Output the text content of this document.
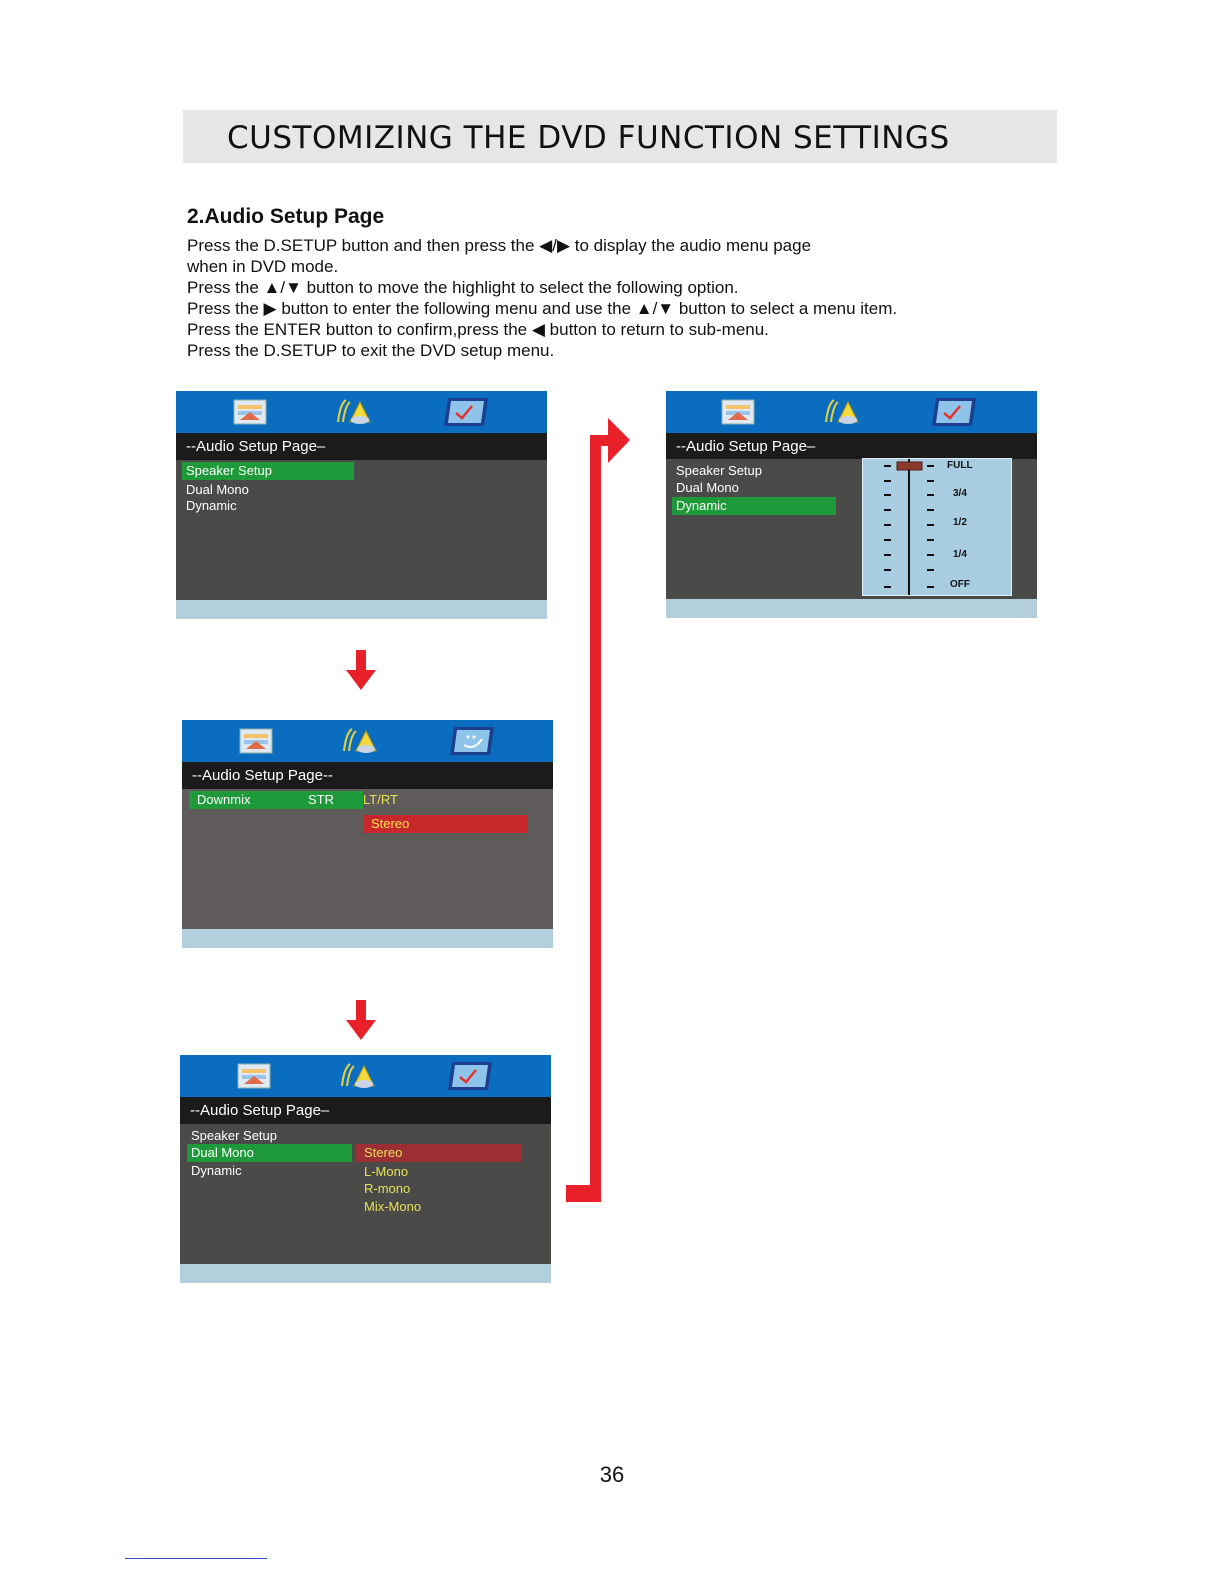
CUSTOMIZING THE DVD FUNCTION SETTINGS
2.Audio Setup Page

Press the D.SETUP button and then press the ◀/▶ to display the audio menu page

when in DVD mode.

Press the ▲/▼ button to move the highlight to select the following option.

Press the ▶ button to enter the following menu and use the ▲/▼ button to select a menu item.

Press the ENTER button to confirm,press the ◀ button to return to sub-menu.

Press the D.SETUP to exit the DVD setup menu.

--Audio Setup Page–
Speaker Setup
Dual Mono
Dynamic
--Audio Setup Page--
Downmix	STR LT/RT
Stereo
--Audio Setup Page–
Speaker Setup
Dual Mono
Dynamic
Stereo
L-Mono
R-mono
Mix-Mono
--Audio Setup Page–
Speaker Setup
Dual Mono
Dynamic
FULL
3/4
1/2
1/4
OFF
36
